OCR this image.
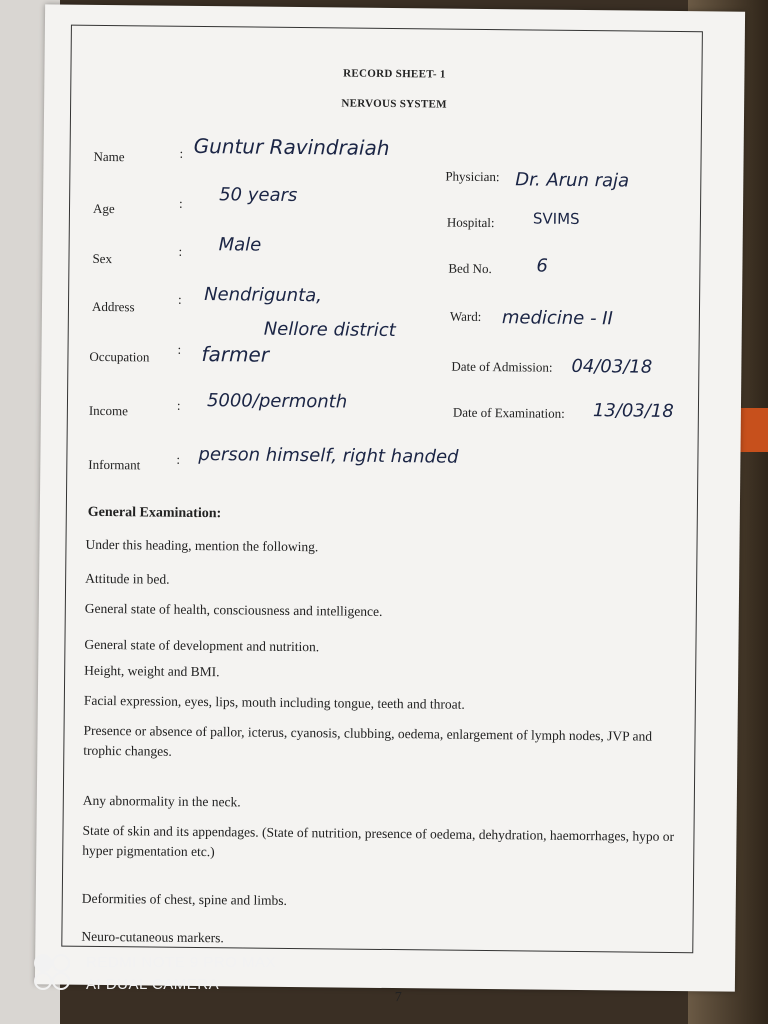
RECORD SHEET- 1
NERVOUS SYSTEM
Name	: Guntur Ravindraiah
Age	: 50 years
Sex	: Male
Address	: Nendrigunta,
Nellore district
Occupation : farmer
Income	: 5000/permonth
Informant	: person himself, right handed
Physician: Dr. Arun raja
Hospital:	SVIMS
Bed No. 6
Ward: medicine - II
Date of Admission: 04/03/18
Date of Examination: 13/03/18
General Examination:
Under this heading, mention the following.
Attitude in bed.
General state of health, consciousness and intelligence.
General state of development and nutrition.
Height, weight and BMI.
Facial expression, eyes, lips, mouth including tongue, teeth and throat.
Presence or absence of pallor, icterus, cyanosis, clubbing, oedema, enlargement of lymph nodes, JVP and trophic changes.
Any abnormality in the neck.
State of skin and its appendages. (State of nutrition, presence of oedema, dehydration, haemorrhages, hypo or hyper pigmentation etc.)
Deformities of chest, spine and limbs.
Neuro-cutaneous markers.
7
REDMI NOTE 9 PRO MAX
AI DUAL CAMERA
